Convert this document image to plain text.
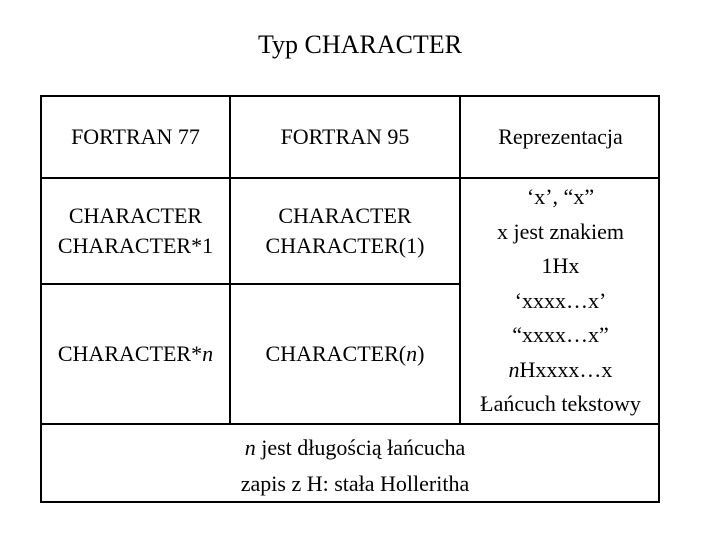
Typ CHARACTER
FORTRAN 77	FORTRAN 95	Reprezentacja
CHARACTER
CHARACTER*1
CHARACTER
CHARACTER(1)
CHARACTER*n CHARACTER(n)
‘x’, “x”
x jest znakiem
1Hx
‘xxxx…x’
“xxxx…x”
nHxxxx…x
Łańcuch tekstowy
n jest długością łańcucha
zapis z H: stała Holleritha
